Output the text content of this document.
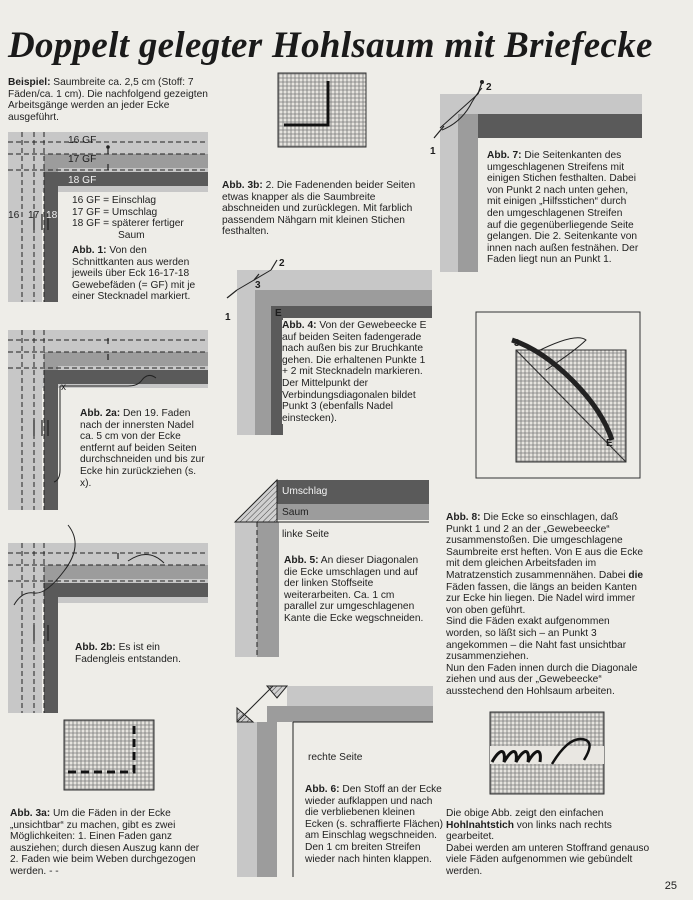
Doppelt gelegter Hohlsaum mit Briefecke
Beispiel: Saumbreite ca. 2,5 cm (Stoff: 7 Fäden/ca. 1 cm). Die nachfolgend gezeigten Arbeitsgänge werden an jeder Ecke ausgeführt.
16 GF
17 GF
18 GF
16 17 18
16 GF = Einschlag
17 GF = Umschlag
18 GF = späterer fertiger
Saum
Abb. 1: Von den Schnittkanten aus werden jeweils über Eck 16-17-18 Gewebefäden (= GF) mit je einer Stecknadel markiert.
x
Abb. 2a: Den 19. Faden nach der innersten Nadel ca. 5 cm von der Ecke entfernt auf beiden Seiten durchschneiden und bis zur Ecke hin zurückziehen (s. x).
Abb. 2b: Es ist ein Fadengleis entstanden.
Abb. 3a: Um die Fäden in der Ecke „unsichtbar“ zu machen, gibt es zwei Möglichkeiten: 1. Einen Faden ganz ausziehen; durch diesen Auszug kann der 2. Faden wie beim Weben durchgezogen werden. - -
Abb. 3b: 2. Die Fadenenden beider Seiten etwas knapper als die Saumbreite abschneiden und zurücklegen. Mit farblich passendem Nähgarn mit kleinen Stichen festhalten.
2
1
3
E
Abb. 4: Von der Gewebeecke E auf beiden Seiten fadengerade nach außen bis zur Bruchkante gehen. Die erhaltenen Punkte 1 + 2 mit Stecknadeln markieren. Der Mittelpunkt der Verbindungsdiagonalen bildet Punkt 3 (ebenfalls Nadel einstecken).
Umschlag
Saum
linke Seite
Abb. 5: An dieser Diagonalen die Ecke umschlagen und auf der linken Stoffseite weiterarbeiten. Ca. 1 cm parallel zur umgeschlagenen Kante die Ecke wegschneiden.
rechte Seite
Abb. 6: Den Stoff an der Ecke wieder aufklappen und nach die verbliebenen kleinen Ecken (s. schraffierte Flächen) am Einschlag wegschneiden. Den 1 cm breiten Streifen wieder nach hinten klappen.
2
1	Abb. 7: Die Seitenkanten des umgeschlagenen Streifens mit einigen Stichen festhalten. Dabei von Punkt 2 nach unten gehen, mit einigen „Hilfsstichen“ durch den umgeschlagenen Streifen auf die gegenüberliegende Seite gelangen. Die 2. Seitenkante von innen nach außen festnähen. Der Faden liegt nun an Punkt 1.
3
E
Abb. 8: Die Ecke so einschlagen, daß Punkt 1 und 2 an der „Gewebeecke“ zusammenstoßen. Die umgeschlagene Saumbreite erst heften. Von E aus die Ecke mit dem gleichen Arbeitsfaden im Matratzenstich zusammennähen. Dabei die Fäden fassen, die längs an beiden Kanten zur Ecke hin liegen. Die Nadel wird immer von oben geführt.
Sind die Fäden exakt aufgenommen worden, so läßt sich – an Punkt 3 angekommen – die Naht fast unsichtbar zusammenziehen.
Nun den Faden innen durch die Diagonale ziehen und aus der „Gewebeecke“ ausstechend den Hohlsaum arbeiten.
Die obige Abb. zeigt den einfachen Hohlnahtstich von links nach rechts gearbeitet.
Dabei werden am unteren Stoffrand genauso viele Fäden aufgenommen wie gebündelt werden.
25
